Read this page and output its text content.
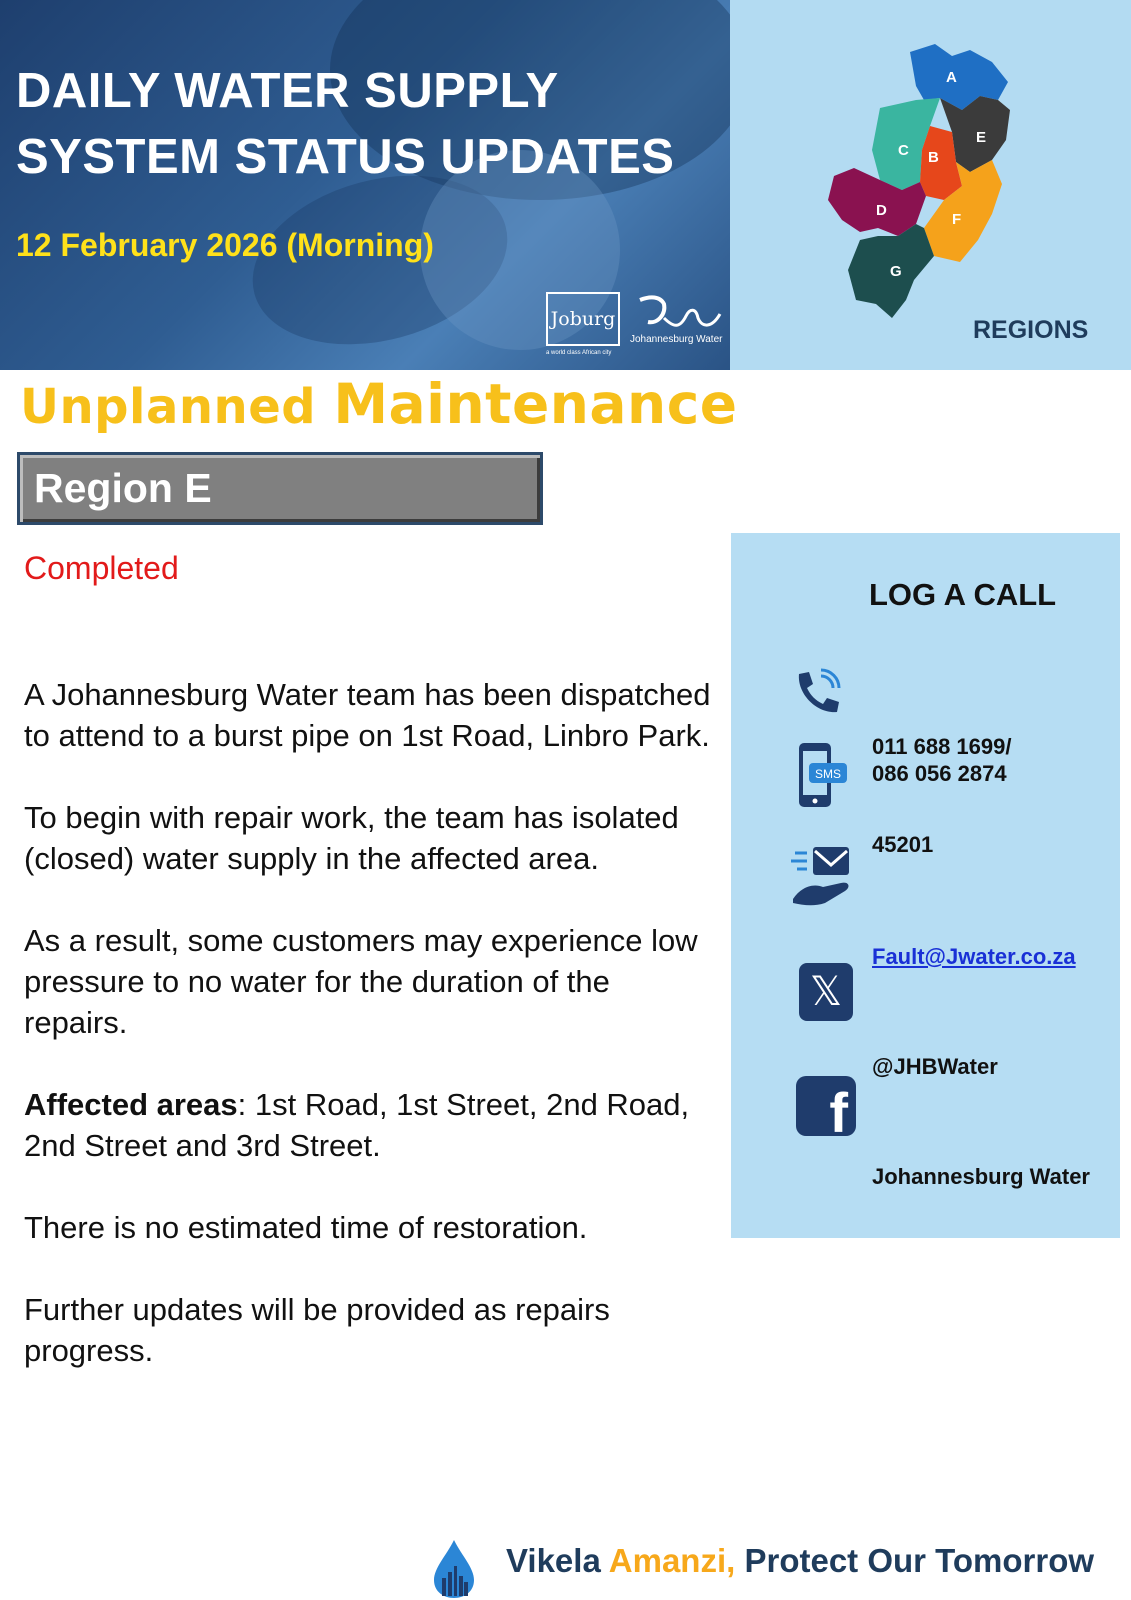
DAILY WATER SUPPLY
SYSTEM STATUS UPDATES
12 February 2026 (Morning)
Joburg
a world class African city
Johannesburg Water
A
B
C
D
E
F
G
REGIONS
Unplanned Maintenance
Region E
Completed

A Johannesburg Water team has been dispatched to attend to a burst pipe on 1st Road, Linbro Park.

To begin with repair work, the team has isolated (closed) water supply in the affected area.

As a result, some customers may experience low pressure to no water for the duration of the repairs.

Affected areas: 1st Road, 1st Street, 2nd Road, 2nd Street and 3rd Street.

There is no estimated time of restoration.

Further updates will be provided as repairs progress.

LOG A CALL
SMS
011 688 1699/
086 056 2874
45201
𝕏
Fault@Jwater.co.za
f
@JHBWater
Johannesburg Water
Vikela Amanzi, Protect Our Tomorrow
